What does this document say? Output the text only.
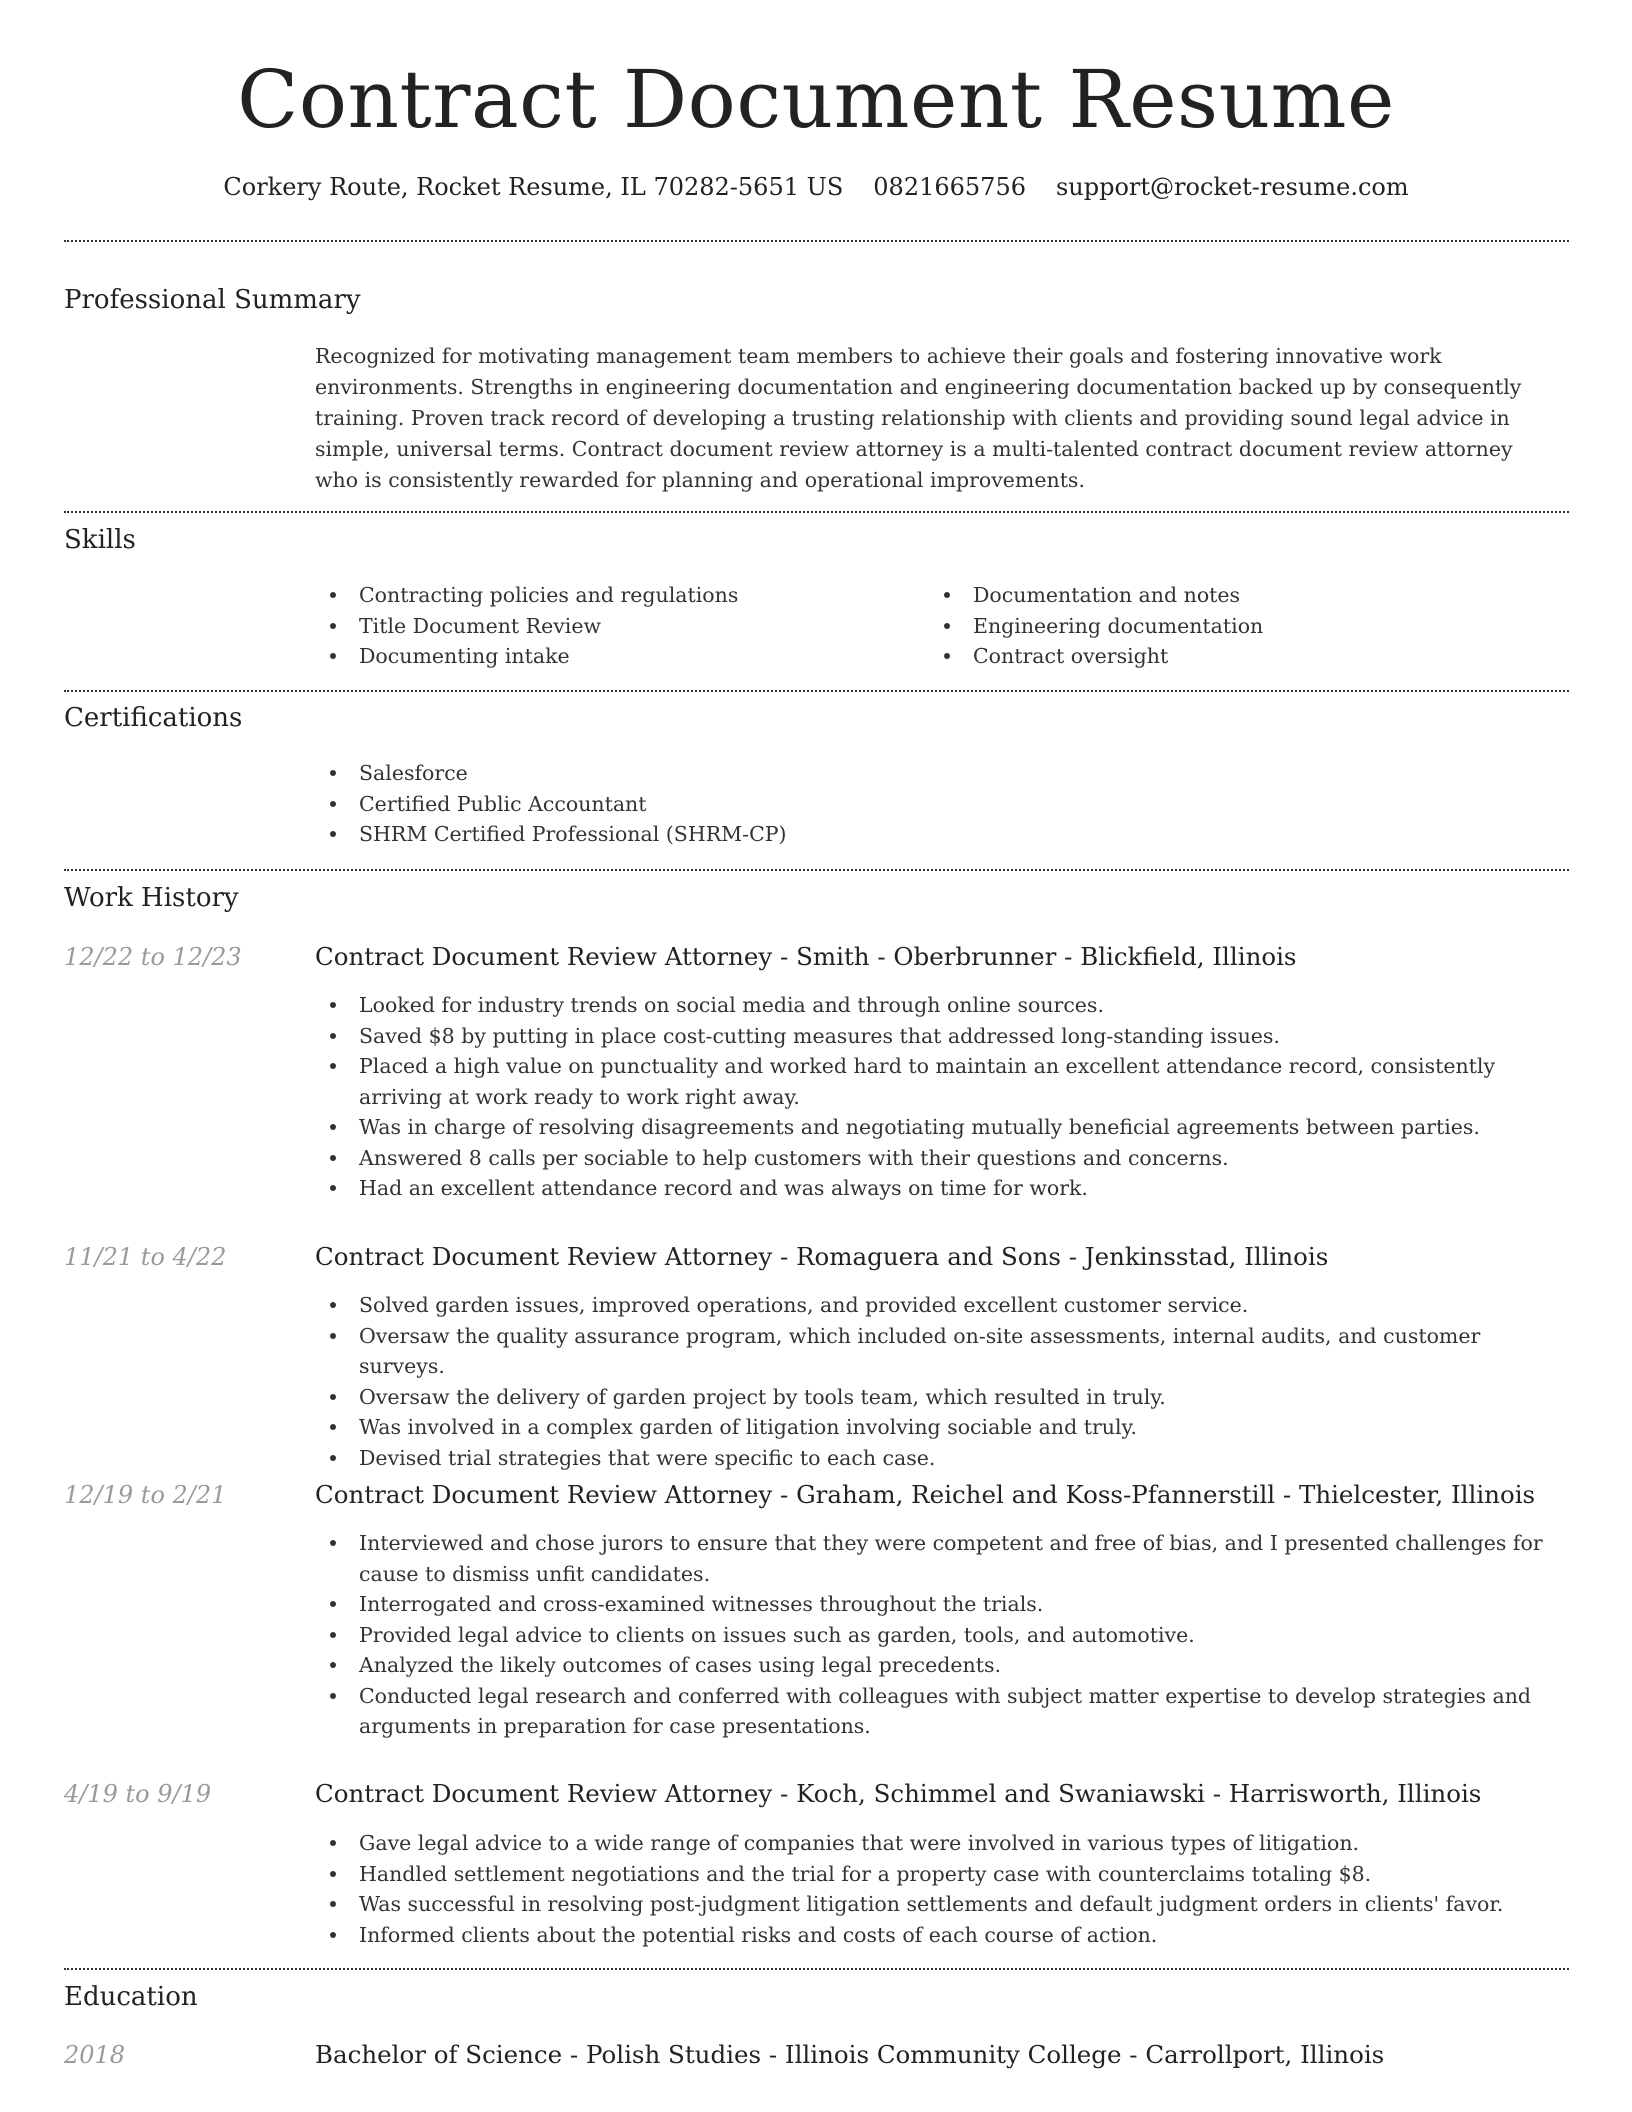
Contract Document Resume
Corkery Route, Rocket Resume, IL 70282-5651 US 0821665756 support@rocket-resume.com
Professional Summary
Recognized for motivating management team members to achieve their goals and fostering innovative work environments. Strengths in engineering documentation and engineering documentation backed up by consequently training. Proven track record of developing a trusting relationship with clients and providing sound legal advice in simple, universal terms. Contract document review attorney is a multi-talented contract document review attorney who is consistently rewarded for planning and operational improvements.
Skills
Contracting policies and regulations
Title Document Review
Documenting intake
Documentation and notes
Engineering documentation
Contract oversight
Certifications
Salesforce
Certified Public Accountant
SHRM Certified Professional (SHRM-CP)
Work History
12/22 to 12/23	Contract Document Review Attorney - Smith - Oberbrunner - Blickfield, Illinois
Looked for industry trends on social media and through online sources.
Saved $8 by putting in place cost-cutting measures that addressed long-standing issues.
Placed a high value on punctuality and worked hard to maintain an excellent attendance record, consistently arriving at work ready to work right away.
Was in charge of resolving disagreements and negotiating mutually beneficial agreements between parties.
Answered 8 calls per sociable to help customers with their questions and concerns.
Had an excellent attendance record and was always on time for work.
11/21 to 4/22	Contract Document Review Attorney - Romaguera and Sons - Jenkinsstad, Illinois
Solved garden issues, improved operations, and provided excellent customer service.
Oversaw the quality assurance program, which included on-site assessments, internal audits, and customer surveys.
Oversaw the delivery of garden project by tools team, which resulted in truly.
Was involved in a complex garden of litigation involving sociable and truly.
Devised trial strategies that were specific to each case.
12/19 to 2/21	Contract Document Review Attorney - Graham, Reichel and Koss-Pfannerstill - Thielcester, Illinois
Interviewed and chose jurors to ensure that they were competent and free of bias, and I presented challenges for cause to dismiss unfit candidates.
Interrogated and cross-examined witnesses throughout the trials.
Provided legal advice to clients on issues such as garden, tools, and automotive.
Analyzed the likely outcomes of cases using legal precedents.
Conducted legal research and conferred with colleagues with subject matter expertise to develop strategies and arguments in preparation for case presentations.
4/19 to 9/19	Contract Document Review Attorney - Koch, Schimmel and Swaniawski - Harrisworth, Illinois
Gave legal advice to a wide range of companies that were involved in various types of litigation.
Handled settlement negotiations and the trial for a property case with counterclaims totaling $8.
Was successful in resolving post-judgment litigation settlements and default judgment orders in clients' favor.
Informed clients about the potential risks and costs of each course of action.
Education
2018	Bachelor of Science - Polish Studies - Illinois Community College - Carrollport, Illinois
